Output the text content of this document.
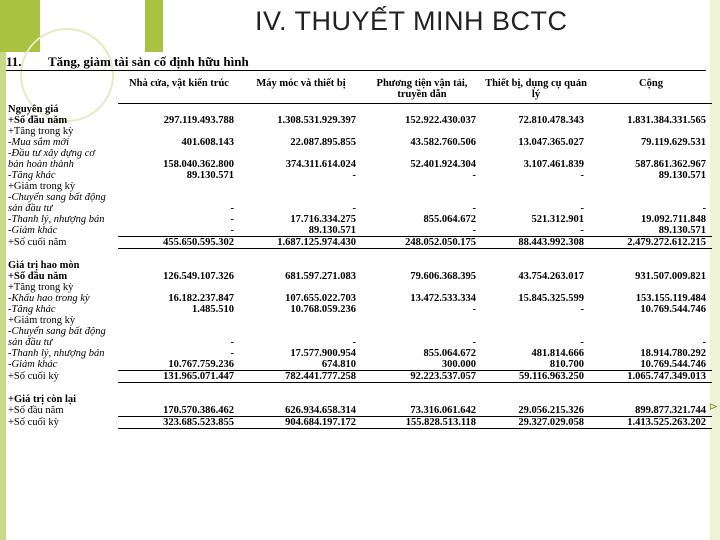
IV. THUYẾT MINH BCTC
11. Tăng, giảm tài sản cố định hữu hình
⊳
	Nhà cửa, vật kiến trúc	Máy móc và thiết bị	Phương tiện vận tải, truyền dẫn	Thiết bị, dụng cụ quản lý	Cộng
Nguyên giá					
+Số đầu năm	297.119.493.788	1.308.531.929.397	152.922.430.037	72.810.478.343	1.831.384.331.565
+Tăng trong kỳ					
-Mua sắm mới	401.608.143	22.087.895.855	43.582.760.506	13.047.365.027	79.119.629.531
-Đầu tư xây dựng cơ bản hoàn thành	158.040.362.800	374.311.614.024	52.401.924.304	3.107.461.839	587.861.362.967
-Tăng khác	89.130.571	-	-	-	89.130.571
+Giảm trong kỳ					
-Chuyển sang bất động sản đầu tư	-	-	-	-	-
-Thanh lý, nhượng bán	-	17.716.334.275	855.064.672	521.312.901	19.092.711.848
-Giảm khác	-	89.130.571	-	-	89.130.571
+Số cuối năm	455.650.595.302	1.687.125.974.430	248.052.050.175	88.443.992.308	2.479.272.612.215

Giá trị hao mòn					
+Số đầu năm	126.549.107.326	681.597.271.083	79.606.368.395	43.754.263.017	931.507.009.821
+Tăng trong kỳ					
-Khấu hao trong kỳ	16.182.237.847	107.655.022.703	13.472.533.334	15.845.325.599	153.155.119.484
-Tăng khác	1.485.510	10.768.059.236	-	-	10.769.544.746
+Giảm trong kỳ					
-Chuyển sang bất động sản đầu tư	-	-	-	-	-
-Thanh lý, nhượng bán	-	17.577.900.954	855.064.672	481.814.666	18.914.780.292
-Giảm khác	10.767.759.236	674.810	300.000	810.700	10.769.544.746
+Số cuối kỳ	131.965.071.447	782.441.777.258	92.223.537.057	59.116.963.250	1.065.747.349.013

+Giá trị còn lại					
+Số đầu năm	170.570.386.462	626.934.658.314	73.316.061.642	29.056.215.326	899.877.321.744
+Số cuối kỳ	323.685.523.855	904.684.197.172	155.828.513.118	29.327.029.058	1.413.525.263.202
